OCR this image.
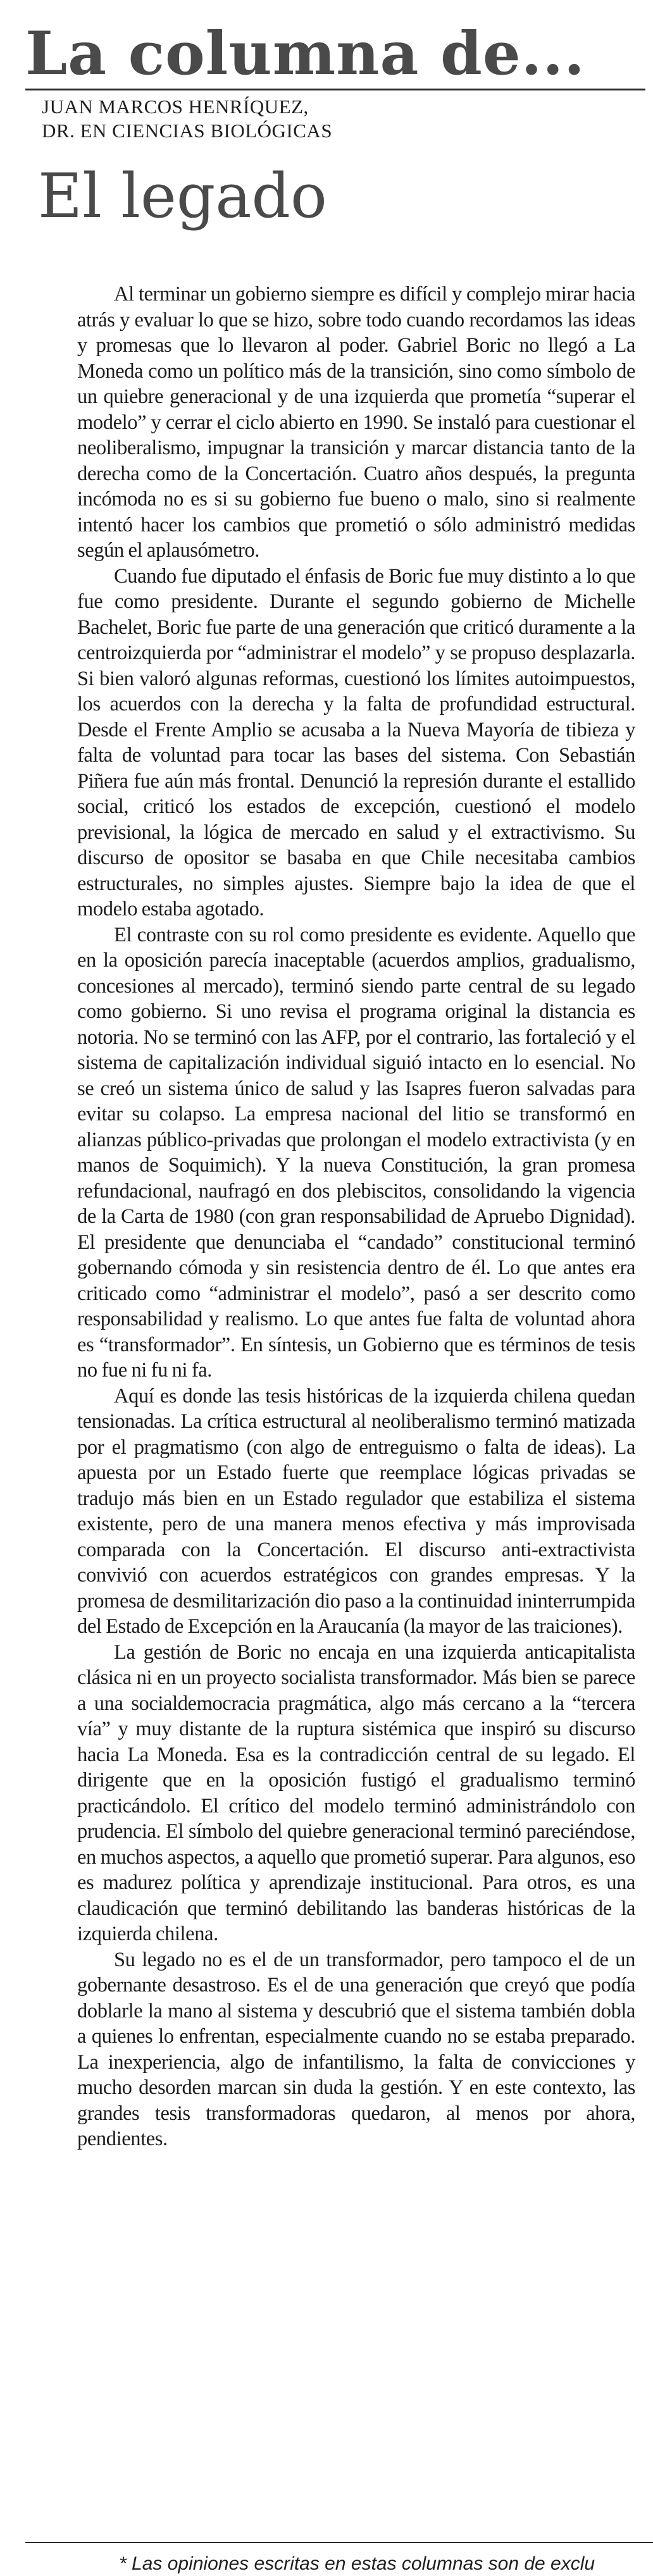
La columna de...
JUAN MARCOS HENRÍQUEZ,
DR. EN CIENCIAS BIOLÓGICAS
El legado

Al terminar un gobierno siempre es difícil y complejo mirar hacia atrás y evaluar lo que se hizo, sobre todo cuando recordamos las ideas y promesas que lo llevaron al poder. Gabriel Boric no llegó a La Moneda como un político más de la transición, sino como símbolo de un quiebre generacional y de una izquierda que prometía “superar el modelo” y cerrar el ciclo abierto en 1990. Se instaló para cuestionar el neoliberalismo, impugnar la transición y marcar distancia tanto de la derecha como de la Concertación. Cuatro años después, la pregunta incómoda no es si su gobierno fue bueno o malo, sino si realmente intentó hacer los cambios que prometió o sólo administró medidas según el aplausómetro.

Cuando fue diputado el énfasis de Boric fue muy distinto a lo que fue como presidente. Durante el segundo gobierno de Michelle Bachelet, Boric fue parte de una generación que criticó duramente a la centroizquierda por “administrar el modelo” y se propuso desplazarla. Si bien valoró algunas reformas, cuestionó los límites autoimpuestos, los acuerdos con la derecha y la falta de profundidad estructural. Desde el Frente Amplio se acusaba a la Nueva Mayoría de tibieza y falta de voluntad para tocar las bases del sistema. Con Sebastián Piñera fue aún más frontal. Denunció la represión durante el estallido social, criticó los estados de excepción, cuestionó el modelo previsional, la lógica de mercado en salud y el extractivismo. Su discurso de opositor se basaba en que Chile necesitaba cambios estructurales, no simples ajustes. Siempre bajo la idea de que el modelo estaba agotado.

El contraste con su rol como presidente es evidente. Aquello que en la oposición parecía inaceptable (acuerdos amplios, gradualismo, concesiones al mercado), terminó siendo parte central de su legado como gobierno. Si uno revisa el programa original la distancia es notoria. No se terminó con las AFP, por el contrario, las fortaleció y el sistema de capitalización individual siguió intacto en lo esencial. No se creó un sistema único de salud y las Isapres fueron salvadas para evitar su colapso. La empresa nacional del litio se transformó en alianzas público-privadas que prolongan el modelo extractivista (y en manos de Soquimich). Y la nueva Constitución, la gran promesa refundacional, naufragó en dos plebiscitos, consolidando la vigencia de la Carta de 1980 (con gran responsabilidad de Apruebo Dignidad). El presidente que denunciaba el “candado” constitucional terminó gobernando cómoda y sin resistencia dentro de él. Lo que antes era criticado como “administrar el modelo”, pasó a ser descrito como responsabilidad y realismo. Lo que antes fue falta de voluntad ahora es “transformador”. En síntesis, un Gobierno que es términos de tesis no fue ni fu ni fa.

Aquí es donde las tesis históricas de la izquierda chilena quedan tensionadas. La crítica estructural al neoliberalismo terminó matizada por el pragmatismo (con algo de entreguismo o falta de ideas). La apuesta por un Estado fuerte que reemplace lógicas privadas se tradujo más bien en un Estado regulador que estabiliza el sistema existente, pero de una manera menos efectiva y más improvisada comparada con la Concertación. El discurso anti-extractivista convivió con acuerdos estratégicos con grandes empresas. Y la promesa de desmilitarización dio paso a la continuidad ininterrumpida del Estado de Excepción en la Araucanía (la mayor de las traiciones).

La gestión de Boric no encaja en una izquierda anticapitalista clásica ni en un proyecto socialista transformador. Más bien se parece a una socialdemocracia pragmática, algo más cercano a la “tercera vía” y muy distante de la ruptura sistémica que inspiró su discurso hacia La Moneda. Esa es la contradicción central de su legado. El dirigente que en la oposición fustigó el gradualismo terminó practicándolo. El crítico del modelo terminó administrándolo con prudencia. El símbolo del quiebre generacional terminó pareciéndose, en muchos aspectos, a aquello que prometió superar. Para algunos, eso es madurez política y aprendizaje institucional. Para otros, es una claudicación que terminó debilitando las banderas históricas de la izquierda chilena.

Su legado no es el de un transformador, pero tampoco el de un gobernante desastroso. Es el de una generación que creyó que podía doblarle la mano al sistema y descubrió que el sistema también dobla a quienes lo enfrentan, especialmente cuando no se estaba preparado. La inexperiencia, algo de infantilismo, la falta de convicciones y mucho desorden marcan sin duda la gestión. Y en este contexto, las grandes tesis transformadoras quedaron, al menos por ahora, pendientes.

* Las opiniones escritas en estas columnas son de exclu
